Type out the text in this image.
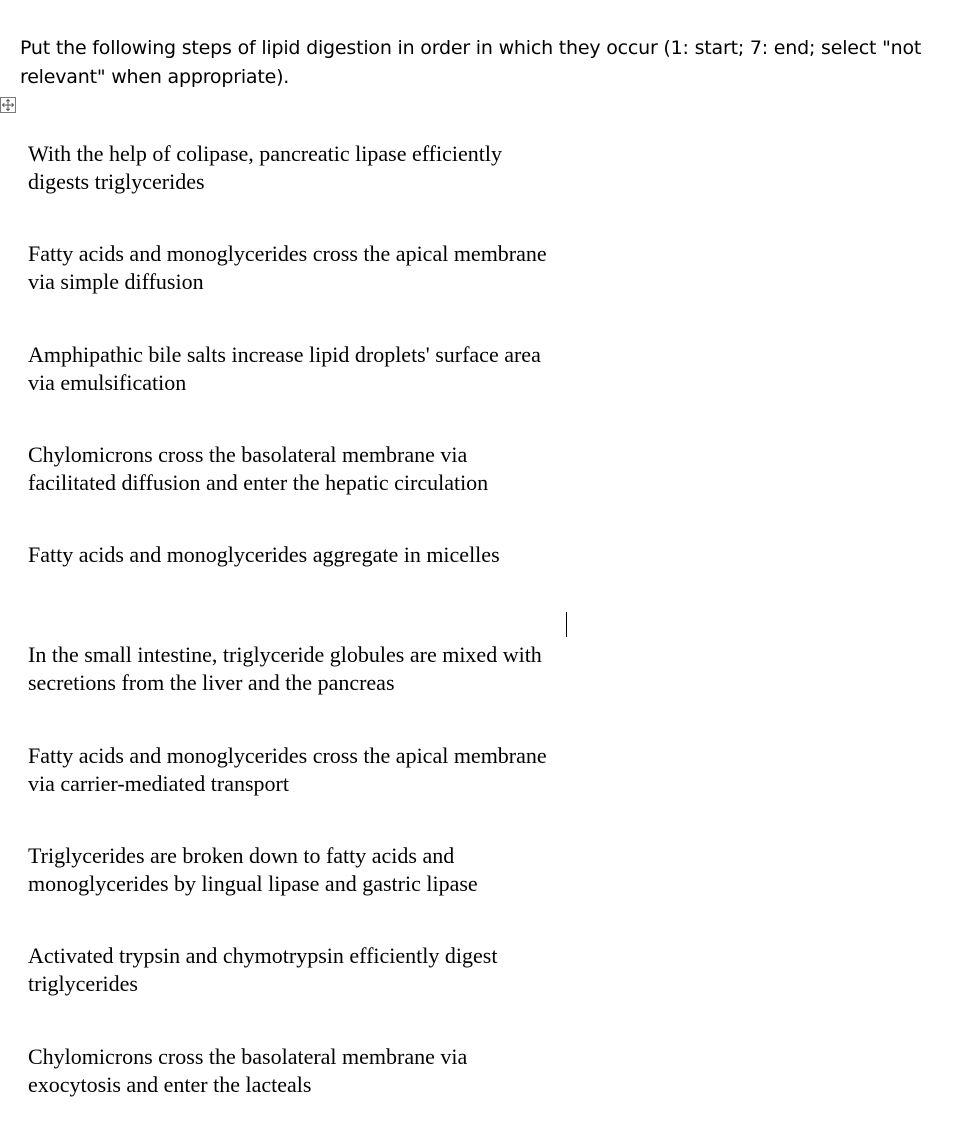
Put the following steps of lipid digestion in order in which they occur (1: start; 7: end; select "not relevant" when appropriate).

With the help of colipase, pancreatic lipase efficiently digests triglycerides
Fatty acids and monoglycerides cross the apical membrane via simple diffusion
Amphipathic bile salts increase lipid droplets' surface area via emulsification
Chylomicrons cross the basolateral membrane via facilitated diffusion and enter the hepatic circulation
Fatty acids and monoglycerides aggregate in micelles
In the small intestine, triglyceride globules are mixed with secretions from the liver and the pancreas
Fatty acids and monoglycerides cross the apical membrane via carrier-mediated transport
Triglycerides are broken down to fatty acids and monoglycerides by lingual lipase and gastric lipase
Activated trypsin and chymotrypsin efficiently digest triglycerides
Chylomicrons cross the basolateral membrane via exocytosis and enter the lacteals
